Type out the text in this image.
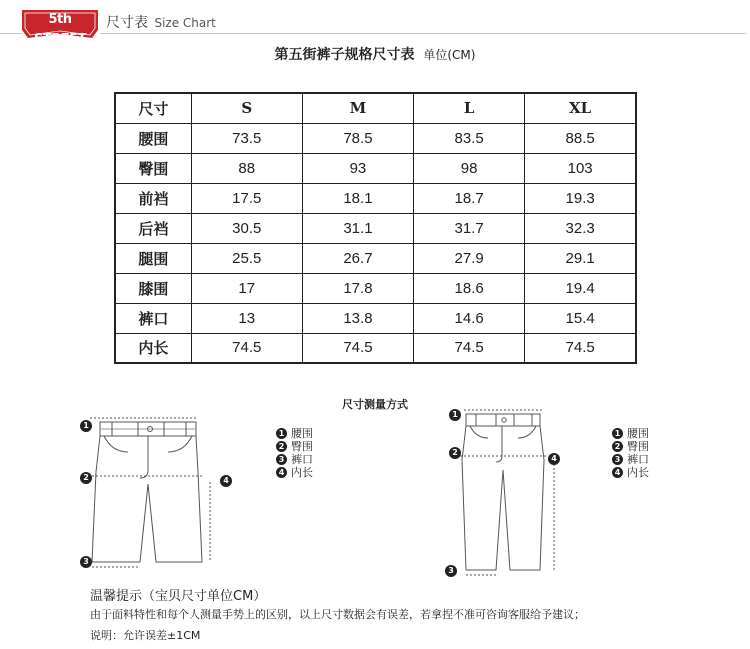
5th STREET
尺寸表 Size Chart
第五街裤子规格尺寸表 单位(CM)
尺寸	S	M	L	XL
腰围	73.5	78.5	83.5	88.5
臀围	88	93	98	103
前裆	17.5	18.1	18.7	19.3
后裆	30.5	31.1	31.7	32.3
腿围	25.5	26.7	27.9	29.1
膝围	17	17.8	18.6	19.4
裤口	13	13.8	14.6	15.4
内长	74.5	74.5	74.5	74.5
尺寸测量方式
1
2
3
4
1 腰围
2 臀围
3 裤口
4 内长
1
2
3
4
1 腰围
2 臀围
3 裤口
4 内长
温馨提示（宝贝尺寸单位CM）
由于面料特性和每个人测量手势上的区别，以上尺寸数据会有误差，若拿捏不准可咨询客服给予建议；
说明：允许误差±1CM
